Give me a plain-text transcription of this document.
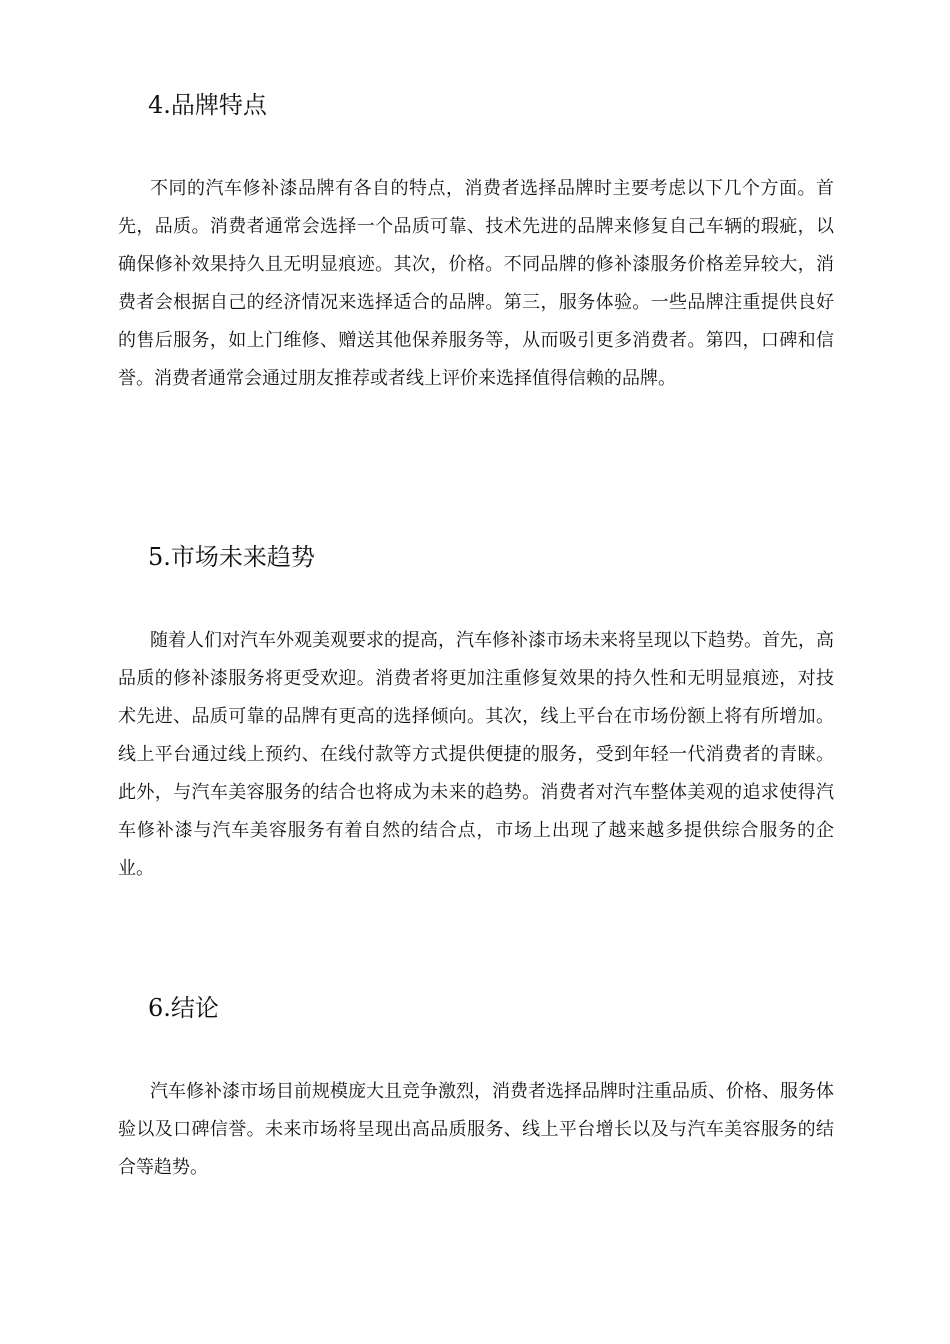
4.品牌特点

不同的汽车修补漆品牌有各自的特点，消费者选择品牌时主要考虑以下几个方面。首先，品质。消费者通常会选择一个品质可靠、技术先进的品牌来修复自己车辆的瑕疵，以确保修补效果持久且无明显痕迹。其次，价格。不同品牌的修补漆服务价格差异较大，消费者会根据自己的经济情况来选择适合的品牌。第三，服务体验。一些品牌注重提供良好的售后服务，如上门维修、赠送其他保养服务等，从而吸引更多消费者。第四，口碑和信誉。消费者通常会通过朋友推荐或者线上评价来选择值得信赖的品牌。

5.市场未来趋势

随着人们对汽车外观美观要求的提高，汽车修补漆市场未来将呈现以下趋势。首先，高品质的修补漆服务将更受欢迎。消费者将更加注重修复效果的持久性和无明显痕迹，对技术先进、品质可靠的品牌有更高的选择倾向。其次，线上平台在市场份额上将有所增加。线上平台通过线上预约、在线付款等方式提供便捷的服务，受到年轻一代消费者的青睐。此外，与汽车美容服务的结合也将成为未来的趋势。消费者对汽车整体美观的追求使得汽车修补漆与汽车美容服务有着自然的结合点，市场上出现了越来越多提供综合服务的企业。

6.结论

汽车修补漆市场目前规模庞大且竞争激烈，消费者选择品牌时注重品质、价格、服务体验以及口碑信誉。未来市场将呈现出高品质服务、线上平台增长以及与汽车美容服务的结合等趋势。
